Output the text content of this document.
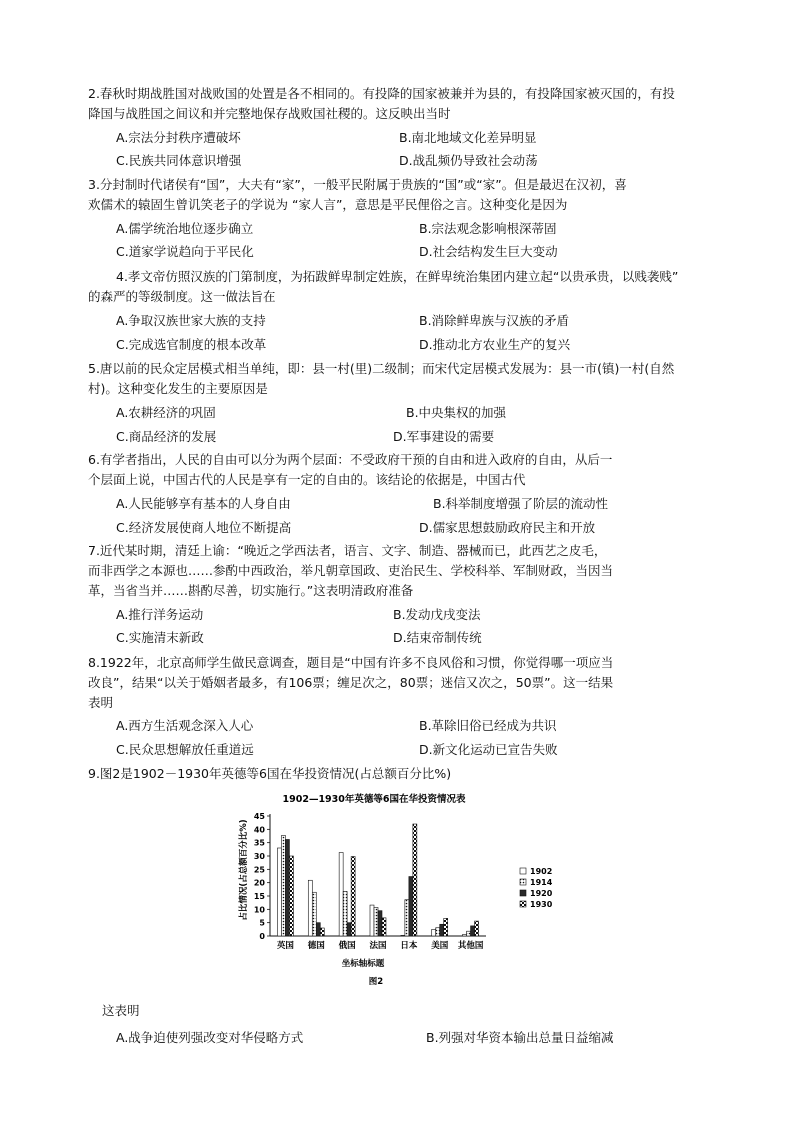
2.春秋时期战胜国对战败国的处置是各不相同的。有投降的国家被兼并为县的，有投降国家被灭国的，有投
降国与战胜国之间议和并完整地保存战败国社稷的。这反映出当时
A.宗法分封秩序遭破坏	B.南北地域文化差异明显
C.民族共同体意识增强	D.战乱频仍导致社会动荡
3.分封制时代诸侯有“国”，大夫有“家”，一般平民附属于贵族的“国”或“家”。但是最迟在汉初，喜
欢儒术的辕固生曾讥笑老子的学说为 “家人言”，意思是平民俚俗之言。这种变化是因为
A.儒学统治地位逐步确立	B.宗法观念影响根深蒂固
C.道家学说趋向于平民化	D.社会结构发生巨大变动
4.孝文帝仿照汉族的门第制度，为拓跋鲜卑制定姓族，在鲜卑统治集团内建立起“以贵承贵，以贱袭贱”
的森严的等级制度。这一做法旨在
A.争取汉族世家大族的支持	B.消除鲜卑族与汉族的矛盾
C.完成选官制度的根本改革	D.推动北方农业生产的复兴
5.唐以前的民众定居模式相当单纯，即：县一村(里)二级制；而宋代定居模式发展为：县一市(镇)一村(自然
村)。这种变化发生的主要原因是
A.农耕经济的巩固	B.中央集权的加强
C.商品经济的发展	D.军事建设的需要
6.有学者指出，人民的自由可以分为两个层面：不受政府干预的自由和进入政府的自由，从后一
个层面上说，中国古代的人民是享有一定的自由的。该结论的依据是，中国古代
A.人民能够享有基本的人身自由	B.科举制度增强了阶层的流动性
C.经济发展使商人地位不断提高	D.儒家思想鼓励政府民主和开放
7.近代某时期，清廷上谕：“晚近之学西法者，语言、文字、制造、器械而已，此西艺之皮毛，
而非西学之本源也……参酌中西政治，举凡朝章国政、吏治民生、学校科举、军制财政，当因当
革，当省当并……斟酌尽善，切实施行。”这表明清政府准备
A.推行洋务运动	B.发动戊戌变法
C.实施清末新政	D.结束帝制传统
8.1922年，北京高师学生做民意调查，题目是“中国有许多不良风俗和习惯，你觉得哪一项应当
改良”，结果“以关于婚姻者最多，有106票；缠足次之，80票；迷信又次之，50票”。这一结果
表明
A.西方生活观念深入人心	B.革除旧俗已经成为共识
C.民众思想解放任重道远	D.新文化运动已宣告失败
9.图2是1902－1930年英德等6国在华投资情况(占总额百分比%)
1902—1930年英德等6国在华投资情况表
占比情况(占总额百分比%)
坐标轴标题
图2
0
5
10
15
20
25
30
35
40
45
英国 德国 俄国 法国 日本 美国 其他国
1902
1914
1920
1930
这表明
A.战争迫使列强改变对华侵略方式	B.列强对华资本输出总量日益缩减
